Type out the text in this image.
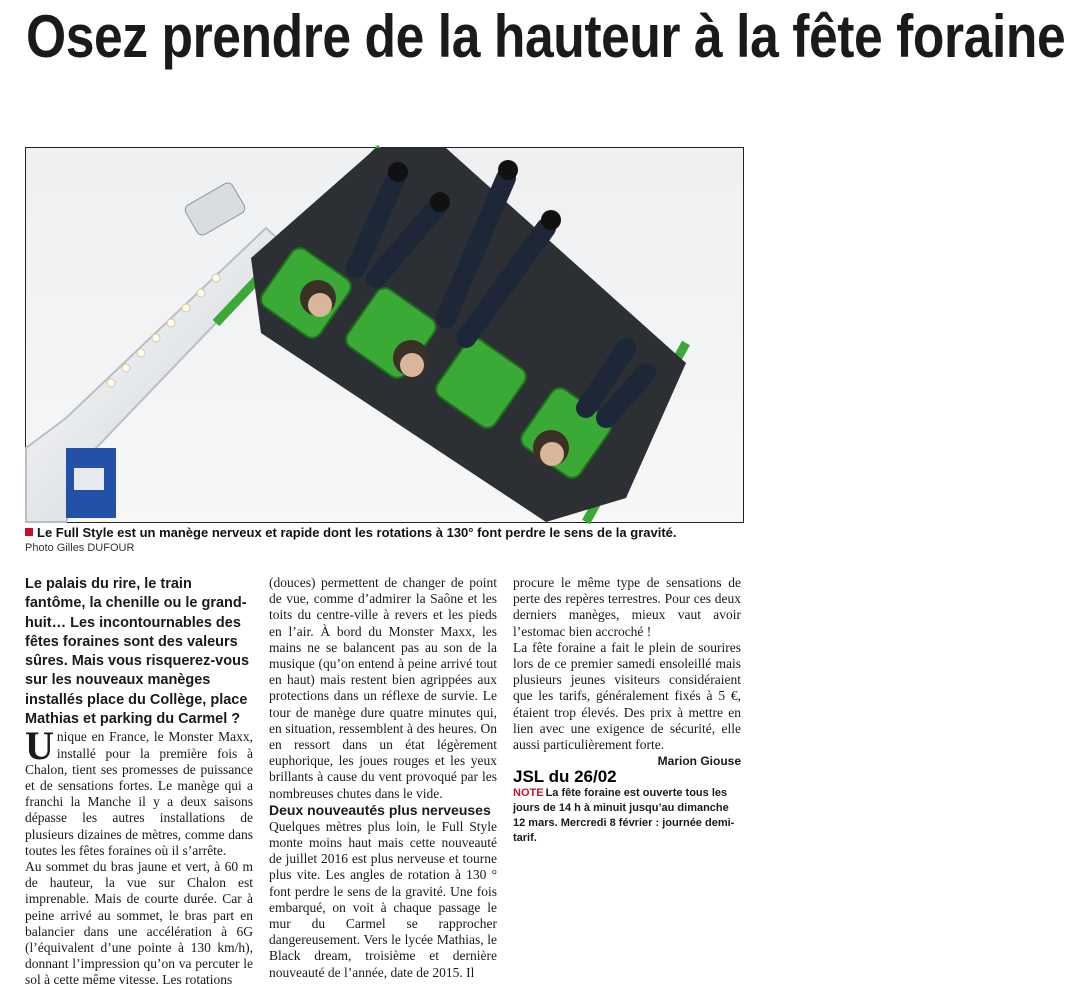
Osez prendre de la hauteur à la fête foraine
Le Full Style est un manège nerveux et rapide dont les rotations à 130° font perdre le sens de la gravité.
Photo Gilles DUFOUR

Le palais du rire, le train fantôme, la chenille ou le grand-huit… Les incontournables des fêtes foraines sont des valeurs sûres. Mais vous risquerez-vous sur les nouveaux manèges installés place du Collège, place Mathias et parking du Carmel ?

Unique en France, le Monster Maxx, installé pour la première fois à Chalon, tient ses promesses de puissance et de sensations fortes. Le manège qui a franchi la Manche il y a deux saisons dépasse les autres installations de plusieurs dizaines de mètres, comme dans toutes les fêtes foraines où il s’arrête.

Au sommet du bras jaune et vert, à 60 m de hauteur, la vue sur Chalon est imprenable. Mais de courte durée. Car à peine arrivé au sommet, le bras part en balancier dans une accélération à 6G (l’équivalent d’une pointe à 130 km/h), donnant l’impression qu’on va percuter le sol à cette même vitesse. Les rotations

(douces) permettent de changer de point de vue, comme d’admirer la Saône et les toits du centre-ville à revers et les pieds en l’air. À bord du Monster Maxx, les mains ne se balancent pas au son de la musique (qu’on entend à peine arrivé tout en haut) mais restent bien agrippées aux protections dans un réflexe de survie. Le tour de manège dure quatre minutes qui, en situation, ressemblent à des heures. On en ressort dans un état légèrement euphorique, les joues rouges et les yeux brillants à cause du vent provoqué par les nombreuses chutes dans le vide.

Deux nouveautés plus nerveuses

Quelques mètres plus loin, le Full Style monte moins haut mais cette nouveauté de juillet 2016 est plus nerveuse et tourne plus vite. Les angles de rotation à 130 ° font perdre le sens de la gravité. Une fois embarqué, on voit à chaque passage le mur du Carmel se rapprocher dangereusement. Vers le lycée Mathias, le Black dream, troisième et dernière nouveauté de l’année, date de 2015. Il

procure le même type de sensations de perte des repères terrestres. Pour ces deux derniers manèges, mieux vaut avoir l’estomac bien accroché !

La fête foraine a fait le plein de sourires lors de ce premier samedi ensoleillé mais plusieurs jeunes visiteurs considéraient que les tarifs, généralement fixés à 5 €, étaient trop élevés. Des prix à mettre en lien avec une exigence de sécurité, elle aussi particulièrement forte.

Marion Giouse

JSL du 26/02

NOTE La fête foraine est ouverte tous les jours de 14 h à minuit jusqu’au dimanche 12 mars. Mercredi 8 février : journée demi-tarif.
